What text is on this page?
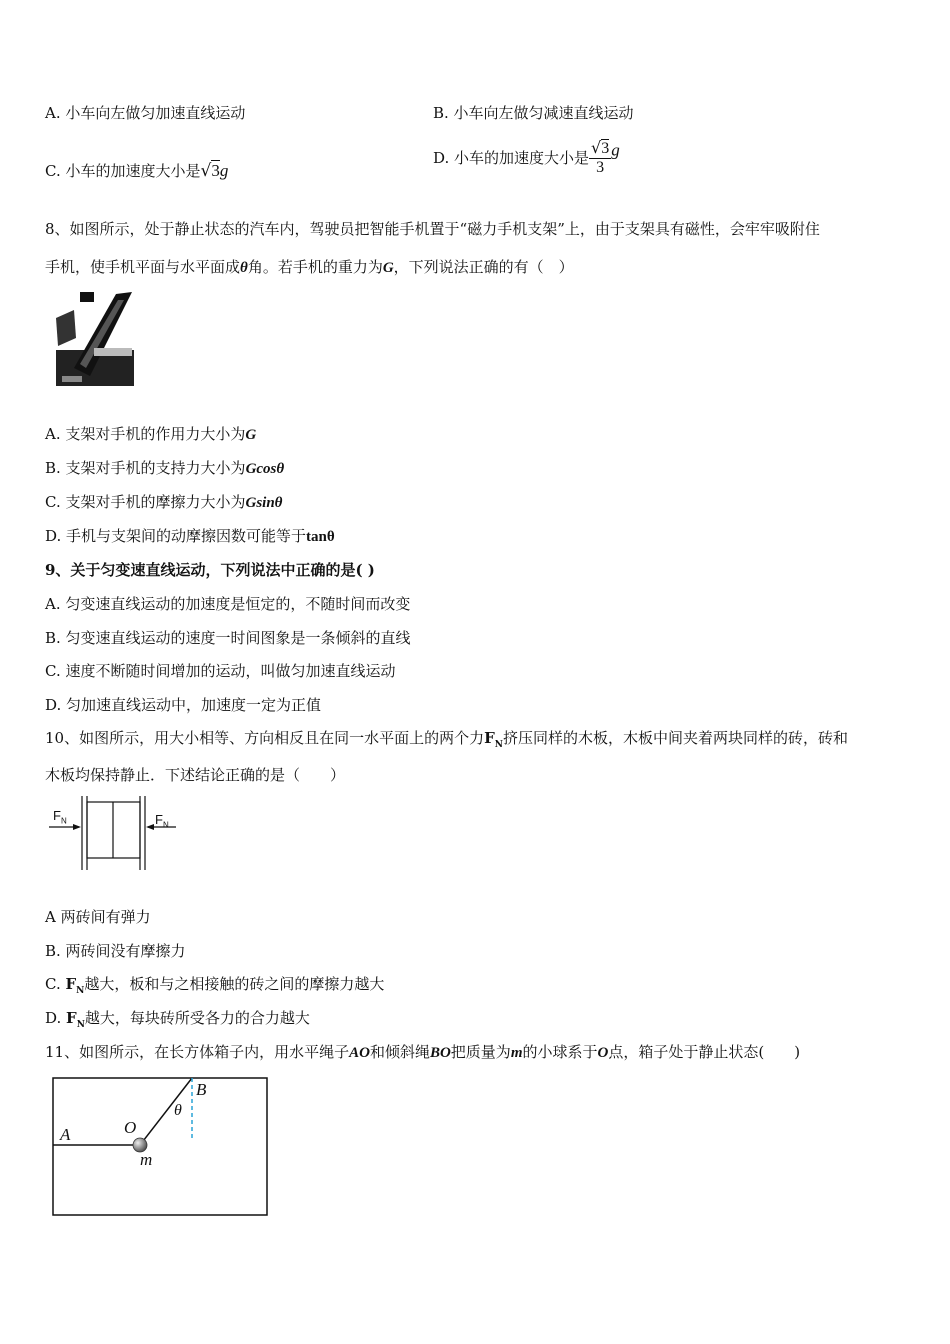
A. 小车向左做匀加速直线运动	B. 小车向左做匀减速直线运动
C. 小车的加速度大小是√3g
D. 小车的加速度大小是 $\frac{√3}{3}$ g
8、如图所示，处于静止状态的汽车内，驾驶员把智能手机置于“磁力手机支架”上，由于支架具有磁性，会牢牢吸附住
手机，使手机平面与水平面成θ角。若手机的重力为G，下列说法正确的有（　）
A. 支架对手机的作用力大小为G
B. 支架对手机的支持力大小为Gcosθ
C. 支架对手机的摩擦力大小为Gsinθ
D. 手机与支架间的动摩擦因数可能等于tanθ
9、关于匀变速直线运动，下列说法中正确的是( )
A. 匀变速直线运动的加速度是恒定的，不随时间而改变
B. 匀变速直线运动的速度一时间图象是一条倾斜的直线
C. 速度不断随时间增加的运动，叫做匀加速直线运动
D. 匀加速直线运动中，加速度一定为正值
10、如图所示，用大小相等、方向相反且在同一水平面上的两个力$F_N$挤压同样的木板，木板中间夹着两块同样的砖，砖和
木板均保持静止．下述结论正确的是（　　）
$F_N$	$F_N$
A 两砖间有弹力
B. 两砖间没有摩擦力
C. $F_N$越大，板和与之相接触的砖之间的摩擦力越大
D. $F_N$越大，每块砖所受各力的合力越大
11、如图所示，在长方体箱子内，用水平绳子AO和倾斜绳BO把质量为m的小球系于O点，箱子处于静止状态(　　)
A	O
B
θ
m
